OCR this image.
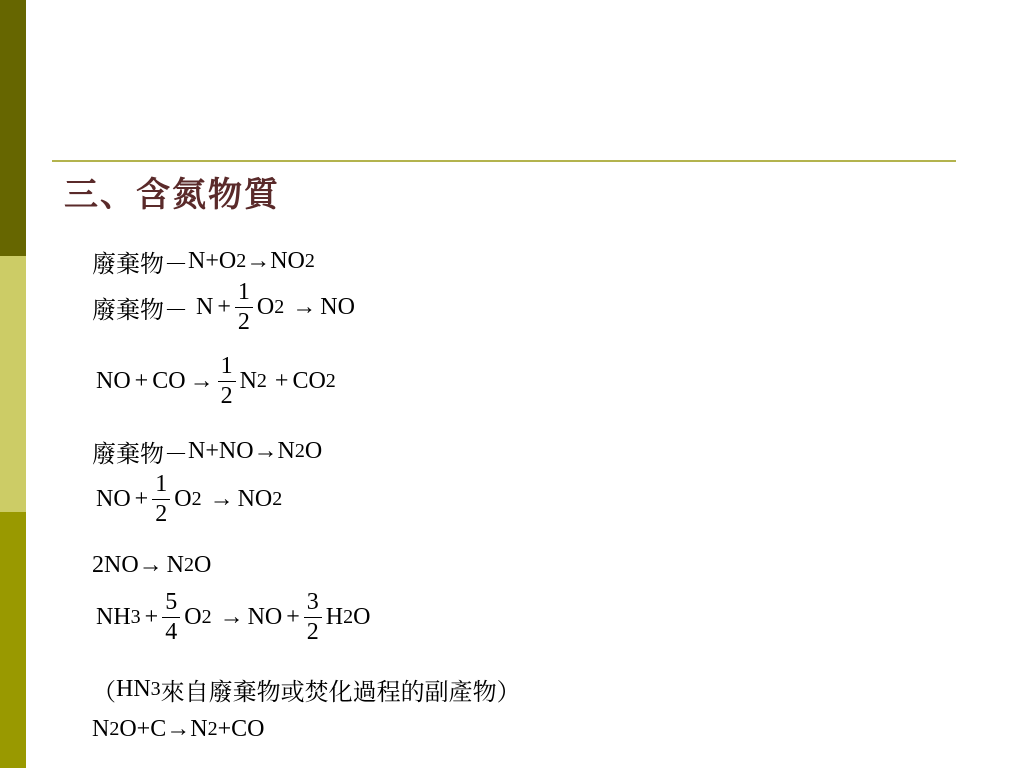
三、含氮物質
廢棄物－ N+O 2 → NO 2
廢棄物－ $N + \frac{1}{2}$ O 2 → NO
NO + CO → $\frac{1}{2}$ N 2 + CO 2
廢棄物－ N+NO → N 2 O
NO + $\frac{1}{2}$ O 2 → NO 2
2NO → N 2 O
NH $3 + \frac{5}{4}$ O 2 → NO + $\frac{3}{2}$ H 2 O
（ HN 3 來自廢棄物或焚化過程的副產物 ）
N 2 O+C → N 2 +CO
